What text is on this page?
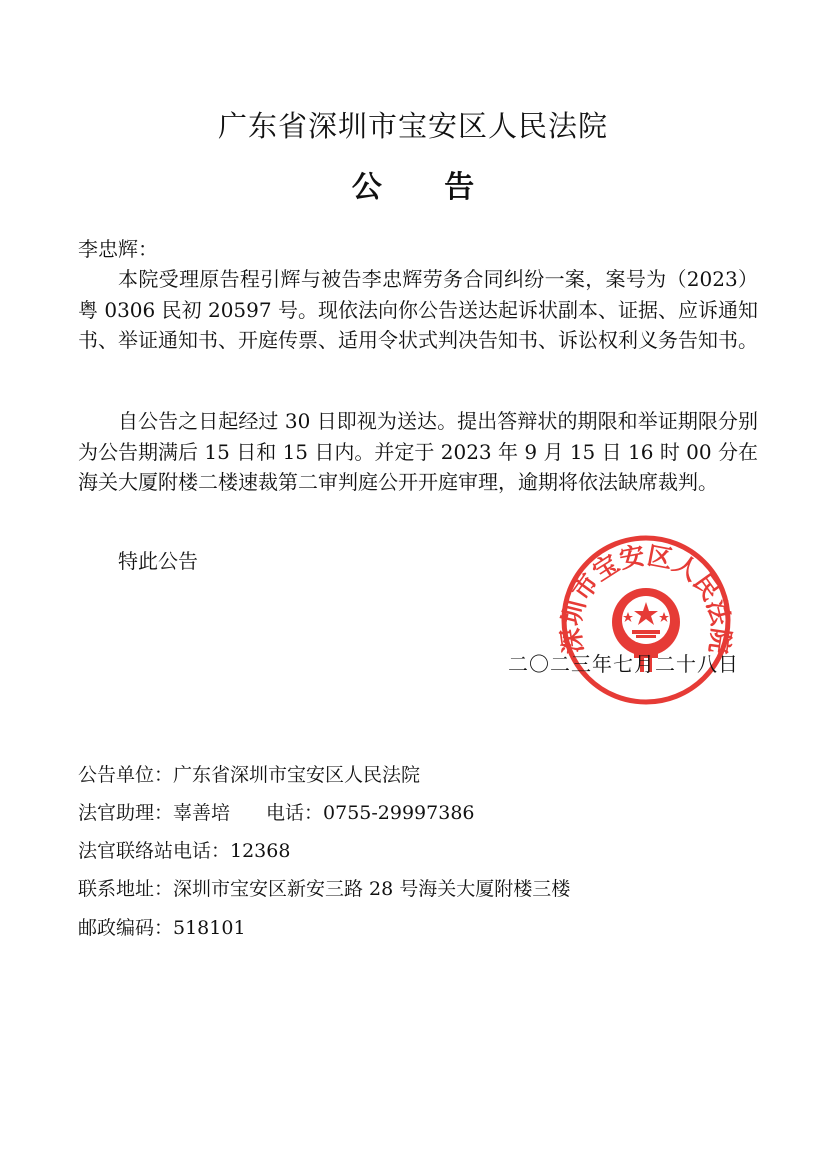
广东省深圳市宝安区人民法院
公 告

李忠辉：

本院受理原告程引辉与被告李忠辉劳务合同纠纷一案，案号为（2023）粤 0306 民初 20597 号。现依法向你公告送达起诉状副本、证据、应诉通知书、举证通知书、开庭传票、适用令状式判决告知书、诉讼权利义务告知书。

自公告之日起经过 30 日即视为送达。提出答辩状的期限和举证期限分别为公告期满后 15 日和 15 日内。并定于 2023 年 9 月 15 日 16 时 00 分在海关大厦附楼二楼速裁第二审判庭公开开庭审理，逾期将依法缺席裁判。

特此公告

深圳市宝安区人民法院

二〇二三年七月二十八日

公告单位：广东省深圳市宝安区人民法院

法官助理：辜善培 电话：0755-29997386

法官联络站电话：12368

联系地址：深圳市宝安区新安三路 28 号海关大厦附楼三楼

邮政编码：518101
